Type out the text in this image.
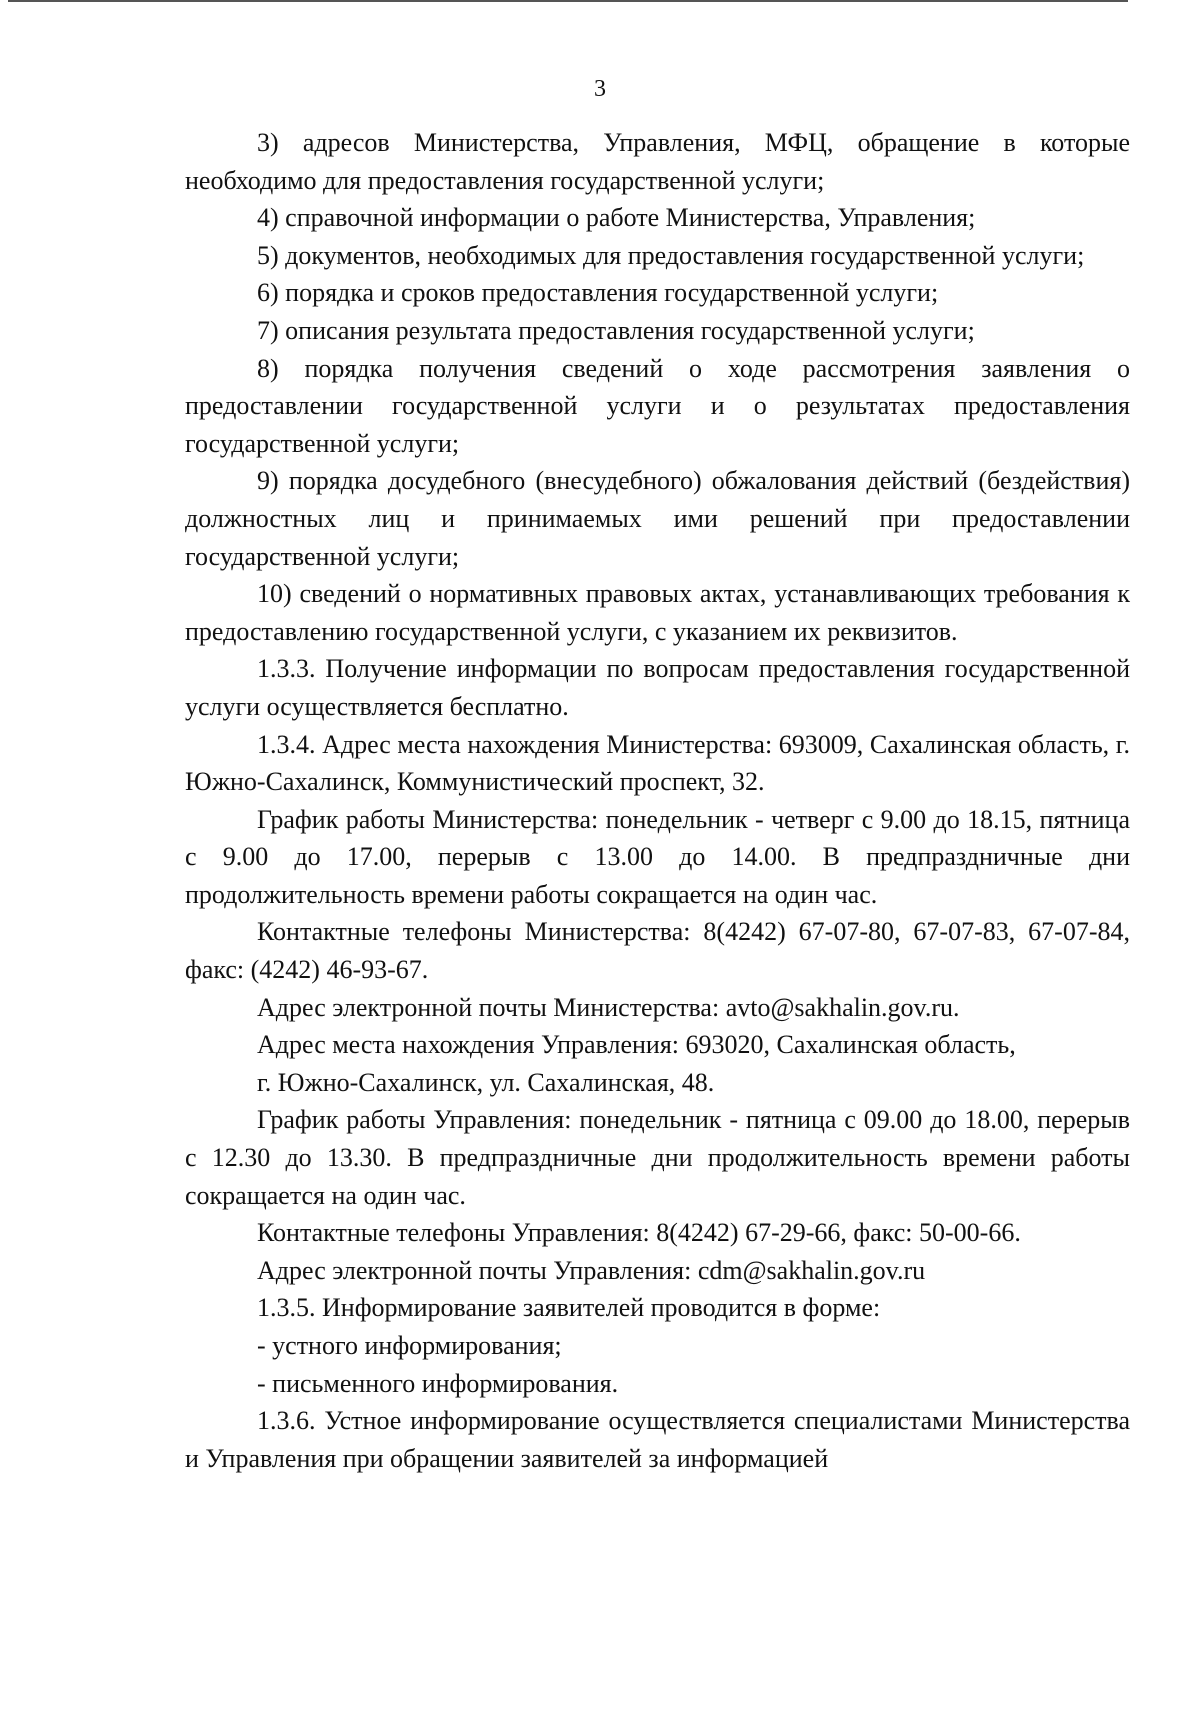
3

3) адресов Министерства, Управления, МФЦ, обращение в которые необходимо для предоставления государственной услуги;

4) справочной информации о работе Министерства, Управления;

5) документов, необходимых для предоставления государственной услуги;

6) порядка и сроков предоставления государственной услуги;

7) описания результата предоставления государственной услуги;

8) порядка получения сведений о ходе рассмотрения заявления о предоставлении государственной услуги и о результатах предоставления государственной услуги;

9) порядка досудебного (внесудебного) обжалования действий (бездействия) должностных лиц и принимаемых ими решений при предоставлении государственной услуги;

10) сведений о нормативных правовых актах, устанавливающих требования к предоставлению государственной услуги, с указанием их реквизитов.

1.3.3. Получение информации по вопросам предоставления государственной услуги осуществляется бесплатно.

1.3.4. Адрес места нахождения Министерства: 693009, Сахалинская область, г. Южно-Сахалинск, Коммунистический проспект, 32.

График работы Министерства: понедельник - четверг с 9.00 до 18.15, пятница с 9.00 до 17.00, перерыв с 13.00 до 14.00. В предпраздничные дни продолжительность времени работы сокращается на один час.

Контактные телефоны Министерства: 8(4242) 67-07-80, 67-07-83, 67-07-84, факс: (4242) 46-93-67.

Адрес электронной почты Министерства: avto@sakhalin.gov.ru.

Адрес места нахождения Управления: 693020, Сахалинская область,

г. Южно-Сахалинск, ул. Сахалинская, 48.

График работы Управления: понедельник - пятница с 09.00 до 18.00, перерыв с 12.30 до 13.30. В предпраздничные дни продолжительность времени работы сокращается на один час.

Контактные телефоны Управления: 8(4242) 67-29-66, факс: 50-00-66.

Адрес электронной почты Управления: cdm@sakhalin.gov.ru

1.3.5. Информирование заявителей проводится в форме:

- устного информирования;

- письменного информирования.

1.3.6. Устное информирование осуществляется специалистами Министерства и Управления при обращении заявителей за информацией
